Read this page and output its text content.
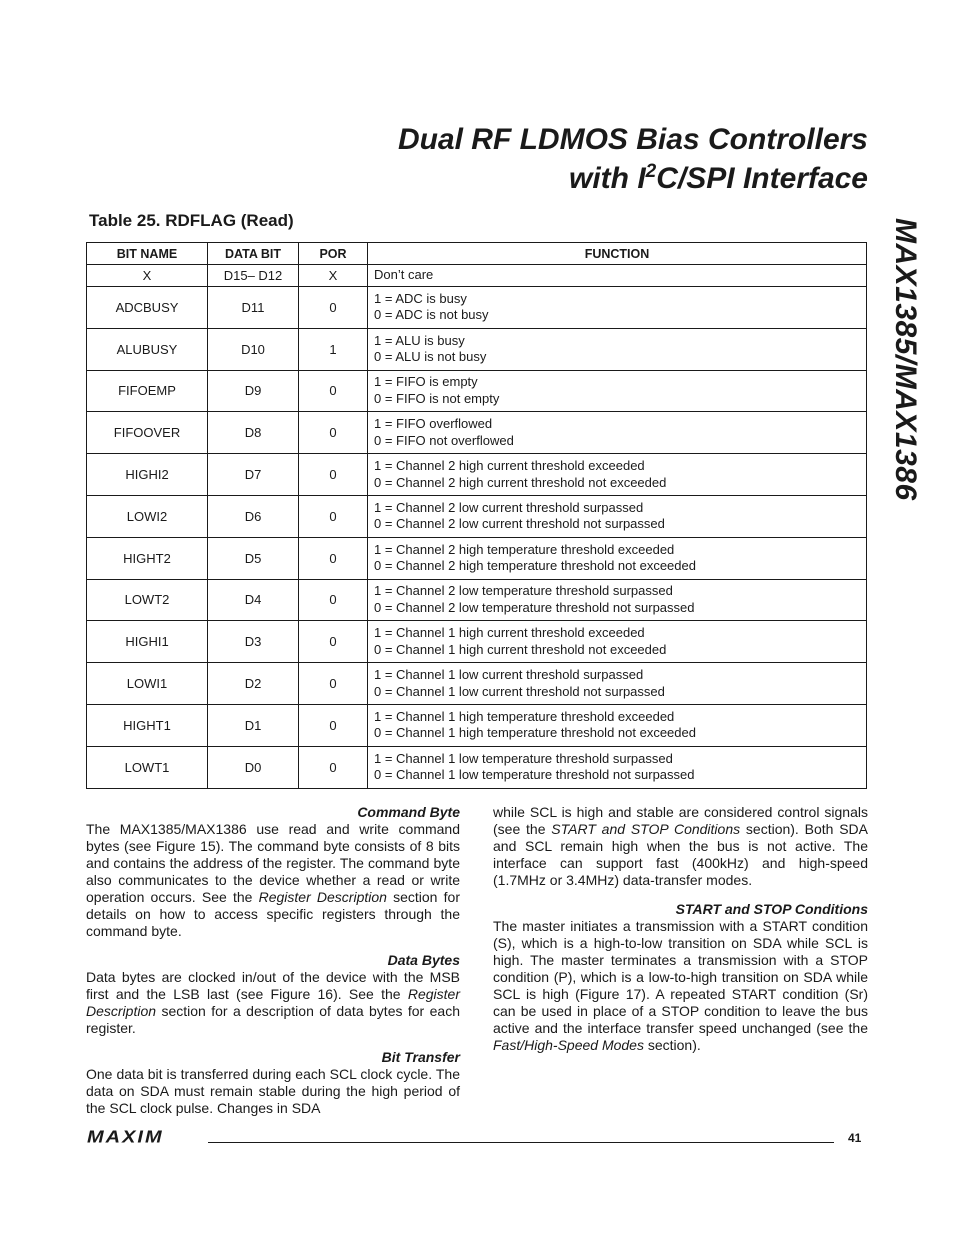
Dual RF LDMOS Bias Controllers
with $I^2C$/SPI Interface
MAX1385/MAX1386
Table 25. RDFLAG (Read)
BIT NAME	DATA BIT	POR	FUNCTION
X	D15– D12	X	Don’t care

ADCBUSY	D11	0	1 = ADC is busy
0 = ADC is not busy

ALUBUSY	D10	1	1 = ALU is busy
0 = ALU is not busy

FIFOEMP	D9	0	1 = FIFO is empty
0 = FIFO is not empty

FIFOOVER	D8	0	1 = FIFO overflowed
0 = FIFO not overflowed

HIGHI2	D7	0	1 = Channel 2 high current threshold exceeded
0 = Channel 2 high current threshold not exceeded

LOWI2	D6	0	1 = Channel 2 low current threshold surpassed
0 = Channel 2 low current threshold not surpassed

HIGHT2	D5	0	1 = Channel 2 high temperature threshold exceeded
0 = Channel 2 high temperature threshold not exceeded

LOWT2	D4	0	1 = Channel 2 low temperature threshold surpassed
0 = Channel 2 low temperature threshold not surpassed

HIGHI1	D3	0	1 = Channel 1 high current threshold exceeded
0 = Channel 1 high current threshold not exceeded

LOWI1	D2	0	1 = Channel 1 low current threshold surpassed
0 = Channel 1 low current threshold not surpassed

HIGHT1	D1	0	1 = Channel 1 high temperature threshold exceeded
0 = Channel 1 high temperature threshold not exceeded

LOWT1	D0	0	1 = Channel 1 low temperature threshold surpassed
0 = Channel 1 low temperature threshold not surpassed
Command Byte

The MAX1385/MAX1386 use read and write command bytes (see Figure 15). The command byte consists of 8 bits and contains the address of the register. The command byte also communicates to the device whether a read or write operation occurs. See the Register Description section for details on how to access specific registers through the command byte.

Data Bytes

Data bytes are clocked in/out of the device with the MSB first and the LSB last (see Figure 16). See the Register Description section for a description of data bytes for each register.

Bit Transfer

One data bit is transferred during each SCL clock cycle. The data on SDA must remain stable during the high period of the SCL clock pulse. Changes in SDA

while SCL is high and stable are considered control signals (see the START and STOP Conditions section). Both SDA and SCL remain high when the bus is not active. The interface can support fast (400kHz) and high-speed (1.7MHz or 3.4MHz) data-transfer modes.

START and STOP Conditions

The master initiates a transmission with a START condition (S), which is a high-to-low transition on SDA while SCL is high. The master terminates a transmission with a STOP condition (P), which is a low-to-high transition on SDA while SCL is high (Figure 17). A repeated START condition (Sr) can be used in place of a STOP condition to leave the bus active and the interface transfer speed unchanged (see the Fast/High-Speed Modes section).

MAXIM	41
